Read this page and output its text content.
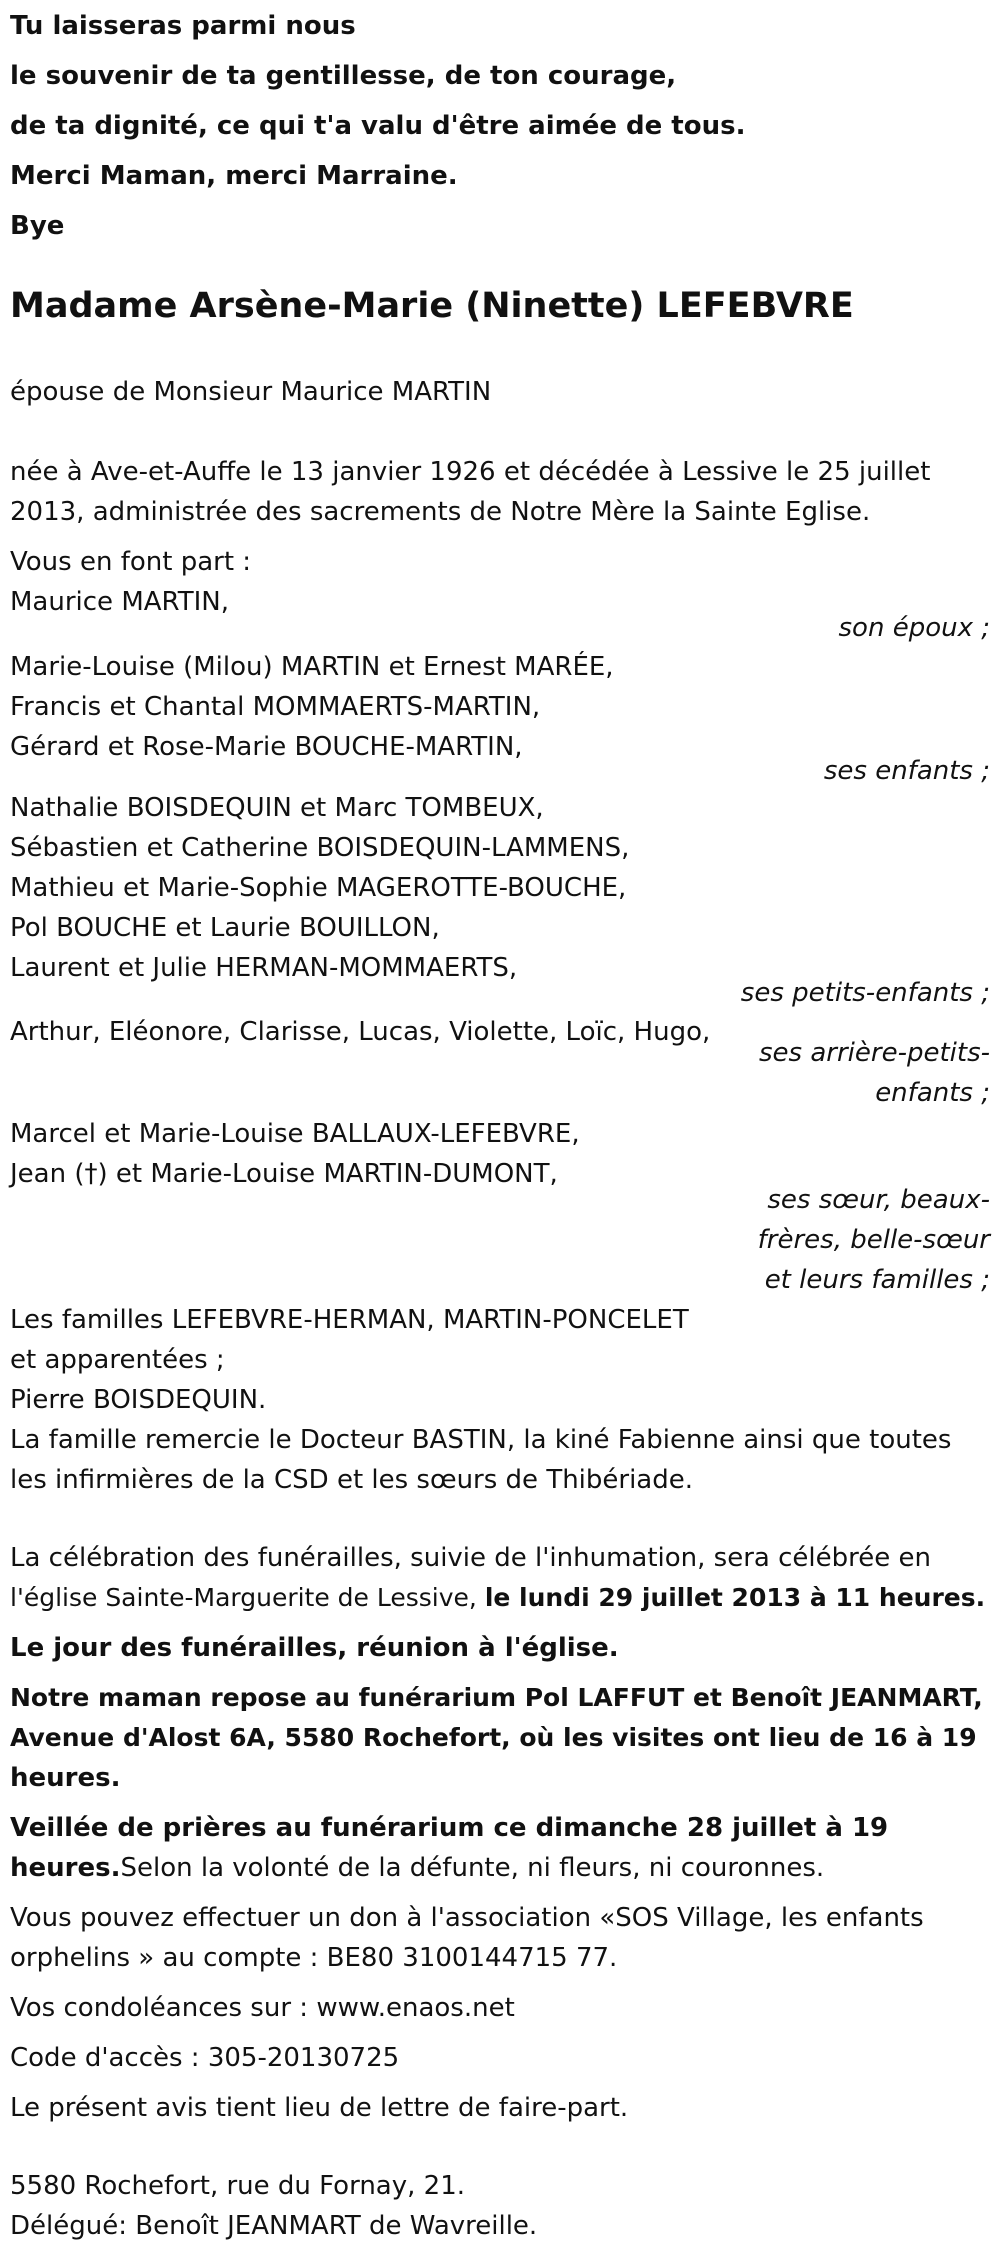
Tu laisseras parmi nous

le souvenir de ta gentillesse, de ton courage,

de ta dignité, ce qui t'a valu d'être aimée de tous.

Merci Maman, merci Marraine.

Bye

Madame Arsène-Marie (Ninette) LEFEBVRE

épouse de Monsieur Maurice MARTIN

née à Ave-et-Auffe le 13 janvier 1926 et décédée à Lessive le 25 juillet

2013, administrée des sacrements de Notre Mère la Sainte Eglise.

Vous en font part :

Maurice MARTIN,

son époux ;

Marie-Louise (Milou) MARTIN et Ernest MARÉE,

Francis et Chantal MOMMAERTS-MARTIN,

Gérard et Rose-Marie BOUCHE-MARTIN,

ses enfants ;

Nathalie BOISDEQUIN et Marc TOMBEUX,

Sébastien et Catherine BOISDEQUIN-LAMMENS,

Mathieu et Marie-Sophie MAGEROTTE-BOUCHE,

Pol BOUCHE et Laurie BOUILLON,

Laurent et Julie HERMAN-MOMMAERTS,

ses petits-enfants ;

Arthur, Eléonore, Clarisse, Lucas, Violette, Loïc, Hugo,

ses arrière-petits-

enfants ;

Marcel et Marie-Louise BALLAUX-LEFEBVRE,

Jean (†) et Marie-Louise MARTIN-DUMONT,

ses sœur, beaux-

frères, belle-sœur

et leurs familles ;

Les familles LEFEBVRE-HERMAN, MARTIN-PONCELET

et apparentées ;

Pierre BOISDEQUIN.

La famille remercie le Docteur BASTIN, la kiné Fabienne ainsi que toutes

les infirmières de la CSD et les sœurs de Thibériade.

La célébration des funérailles, suivie de l'inhumation, sera célébrée en

l'église Sainte-Marguerite de Lessive, le lundi 29 juillet 2013 à 11 heures.

Le jour des funérailles, réunion à l'église.

Notre maman repose au funérarium Pol LAFFUT et Benoît JEANMART,

Avenue d'Alost 6A, 5580 Rochefort, où les visites ont lieu de 16 à 19

heures.

Veillée de prières au funérarium ce dimanche 28 juillet à 19

heures.Selon la volonté de la défunte, ni fleurs, ni couronnes.

Vous pouvez effectuer un don à l'association «SOS Village, les enfants

orphelins » au compte : BE80 3100144715 77.

Vos condoléances sur : www.enaos.net

Code d'accès : 305-20130725

Le présent avis tient lieu de lettre de faire-part.

5580 Rochefort, rue du Fornay, 21.

Délégué: Benoît JEANMART de Wavreille.
